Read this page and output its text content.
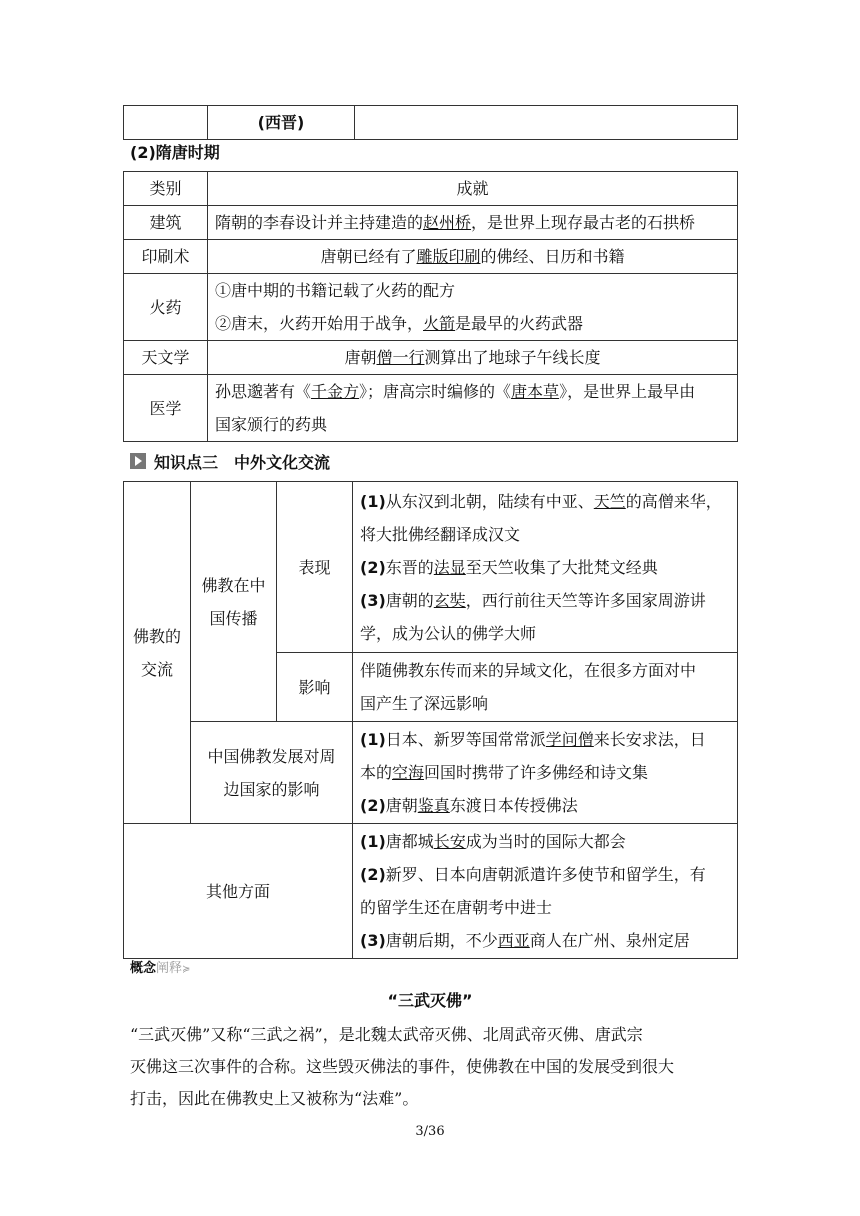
	(西晋)	
(2)隋唐时期
类别	成就
建筑	隋朝的李春设计并主持建造的赵州桥，是世界上现存最古老的石拱桥

印刷术	唐朝已经有了雕版印刷的佛经、日历和书籍

火药	①唐中期的书籍记载了火药的配方
②唐末，火药开始用于战争，火箭是最早的火药武器

天文学	唐朝僧一行测算出了地球子午线长度

医学	孙思邈著有《千金方》；唐高宗时编修的《唐本草》，是世界上最早由
国家颁行的药典
知识点三　中外文化交流
佛教的交流	佛教在中国传播	表现	(1)从东汉到北朝，陆续有中亚、天竺的高僧来华，
将大批佛经翻译成汉文
(2)东晋的法显至天竺收集了大批梵文经典
(3)唐朝的玄奘，西行前往天竺等许多国家周游讲
学，成为公认的佛学大师

		影响	伴随佛教东传而来的异域文化，在很多方面对中
国产生了深远影响

	中国佛教发展对周边国家的影响		(1)日本、新罗等国常常派学问僧来长安求法，日
本的空海回国时携带了许多佛经和诗文集
(2)唐朝鉴真东渡日本传授佛法

其他方面			(1)唐都城长安成为当时的国际大都会
(2)新罗、日本向唐朝派遣许多使节和留学生，有
的留学生还在唐朝考中进士
(3)唐朝后期，不少西亚商人在广州、泉州定居
概念阐释≽
“三武灭佛”
“三武灭佛”又称“三武之祸”，是北魏太武帝灭佛、北周武帝灭佛、唐武宗
灭佛这三次事件的合称。这些毁灭佛法的事件，使佛教在中国的发展受到很大
打击，因此在佛教史上又被称为“法难”。
3/36
